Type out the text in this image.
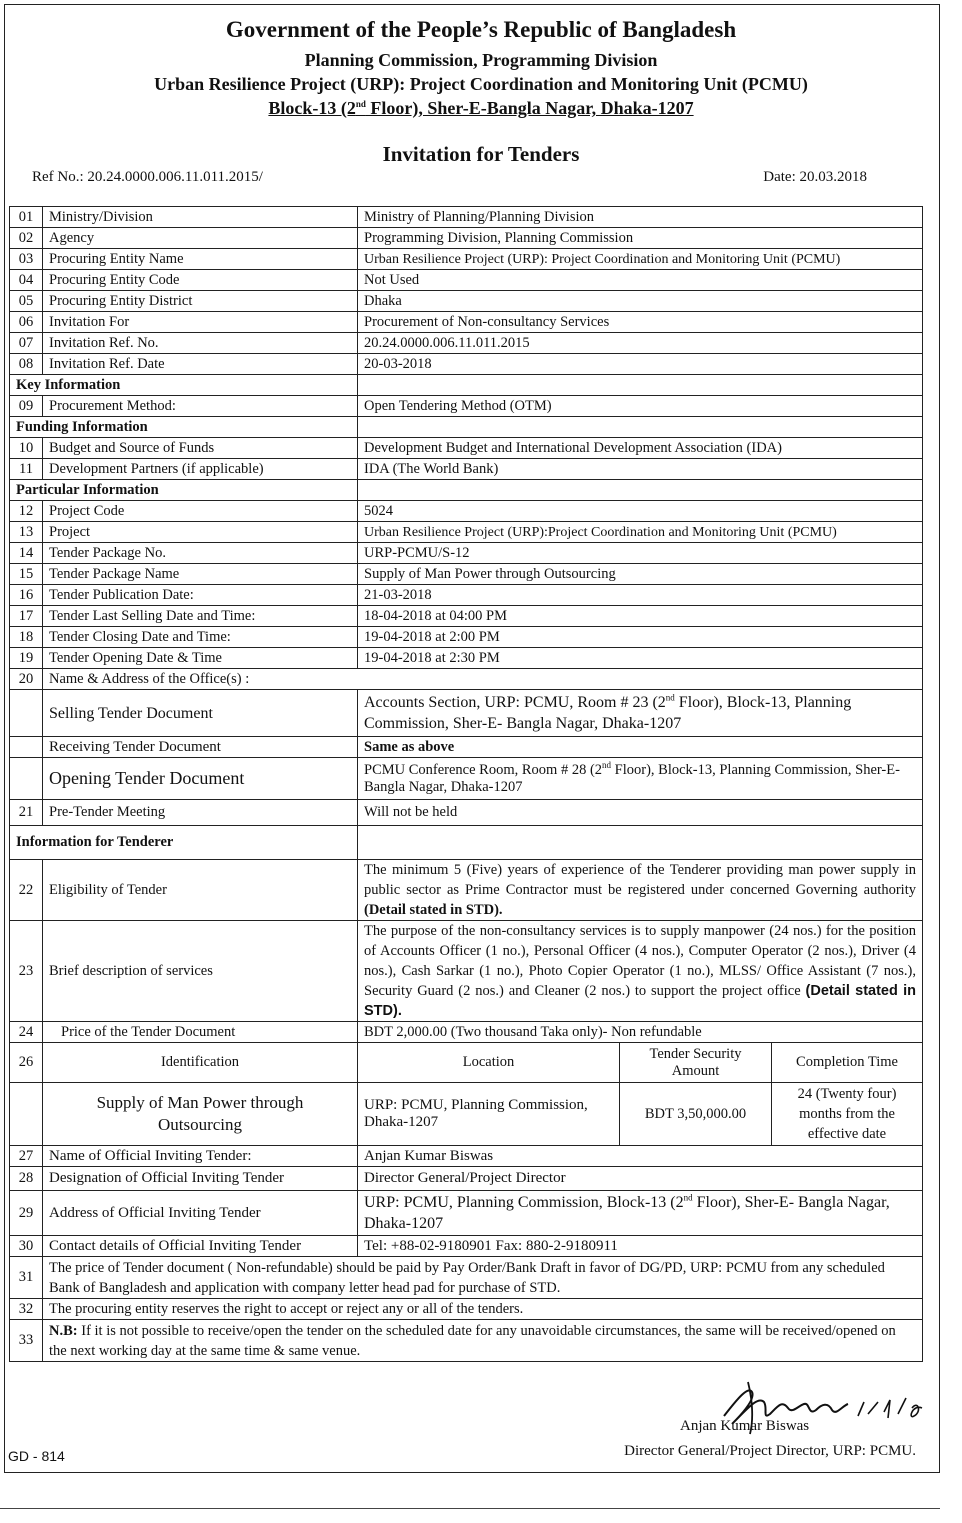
Government of the People’s Republic of Bangladesh
Planning Commission, Programming Division
Urban Resilience Project (URP): Project Coordination and Monitoring Unit (PCMU)
Block-13 (2nd Floor), Sher-E-Bangla Nagar, Dhaka-1207
Invitation for Tenders
Ref No.: 20.24.0000.006.11.011.2015/	Date: 20.03.2018
01	Ministry/Division	Ministry of Planning/Planning Division		
02	Agency	Programming Division, Planning Commission		
03	Procuring Entity Name	Urban Resilience Project (URP): Project Coordination and Monitoring Unit (PCMU)		
04	Procuring Entity Code	Not Used		
05	Procuring Entity District	Dhaka		
06	Invitation For	Procurement of Non-consultancy Services		
07	Invitation Ref. No.	20.24.0000.006.11.011.2015		
08	Invitation Ref. Date	20-03-2018		
Key Information				
09	Procurement Method:	Open Tendering Method (OTM)		
Funding Information				
10	Budget and Source of Funds	Development Budget and International Development Association (IDA)		
11	Development Partners (if applicable)	IDA (The World Bank)		
Particular Information				
12	Project Code	5024		
13	Project	Urban Resilience Project (URP):Project Coordination and Monitoring Unit (PCMU)		
14	Tender Package No.	URP-PCMU/S-12		
15	Tender Package Name	Supply of Man Power through Outsourcing		
16	Tender Publication Date:	21-03-2018		
17	Tender Last Selling Date and Time:	18-04-2018 at 04:00 PM		
18	Tender Closing Date and Time:	19-04-2018 at 2:00 PM		
19	Tender Opening Date & Time	19-04-2018 at 2:30 PM		
20	Name & Address of the Office(s) :			
	Selling Tender Document	Accounts Section, URP: PCMU, Room # 23 (2nd Floor), Block-13, Planning Commission, Sher-E- Bangla Nagar, Dhaka-1207		
	Receiving Tender Document	Same as above		
	Opening Tender Document	PCMU Conference Room, Room # 28 (2nd Floor), Block-13, Planning Commission, Sher-E-Bangla Nagar, Dhaka-1207		
21	Pre-Tender Meeting	Will not be held		
Information for Tenderer				
22	Eligibility of Tender	The minimum 5 (Five) years of experience of the Tenderer providing man power supply in public sector as Prime Contractor must be registered under concerned Governing authority (Detail stated in STD).		
23	Brief description of services	The purpose of the non-consultancy services is to supply manpower (24 nos.) for the position of Accounts Officer (1 no.), Personal Officer (4 nos.), Computer Operator (2 nos.), Driver (4 nos.), Cash Sarkar (1 no.), Photo Copier Operator (1 no.), MLSS/ Office Assistant (7 nos.), Security Guard (2 nos.) and Cleaner (2 nos.) to support the project office (Detail stated in STD).		
24	Price of the Tender Document	BDT 2,000.00 (Two thousand Taka only)- Non refundable		
26	Identification	Location	Tender Security Amount	Completion Time
	Supply of Man Power through Outsourcing	URP: PCMU, Planning Commission, Dhaka-1207	BDT 3,50,000.00	24 (Twenty four) months from the effective date
27	Name of Official Inviting Tender:	Anjan Kumar Biswas		
28	Designation of Official Inviting Tender	Director General/Project Director		
29	Address of Official Inviting Tender	URP: PCMU, Planning Commission, Block-13 (2nd Floor), Sher-E- Bangla Nagar, Dhaka-1207		
30	Contact details of Official Inviting Tender	Tel: +88-02-9180901 Fax: 880-2-9180911		
31	The price of Tender document ( Non-refundable) should be paid by Pay Order/Bank Draft in favor of DG/PD, URP: PCMU from any scheduled Bank of Bangladesh and application with company letter head pad for purchase of STD.			
32	The procuring entity reserves the right to accept or reject any or all of the tenders.			
33	N.B: If it is not possible to receive/open the tender on the scheduled date for any unavoidable circumstances, the same will be received/opened on the next working day at the same time & same venue.			
Anjan Kumar Biswas
Director General/Project Director, URP: PCMU.
GD - 814
